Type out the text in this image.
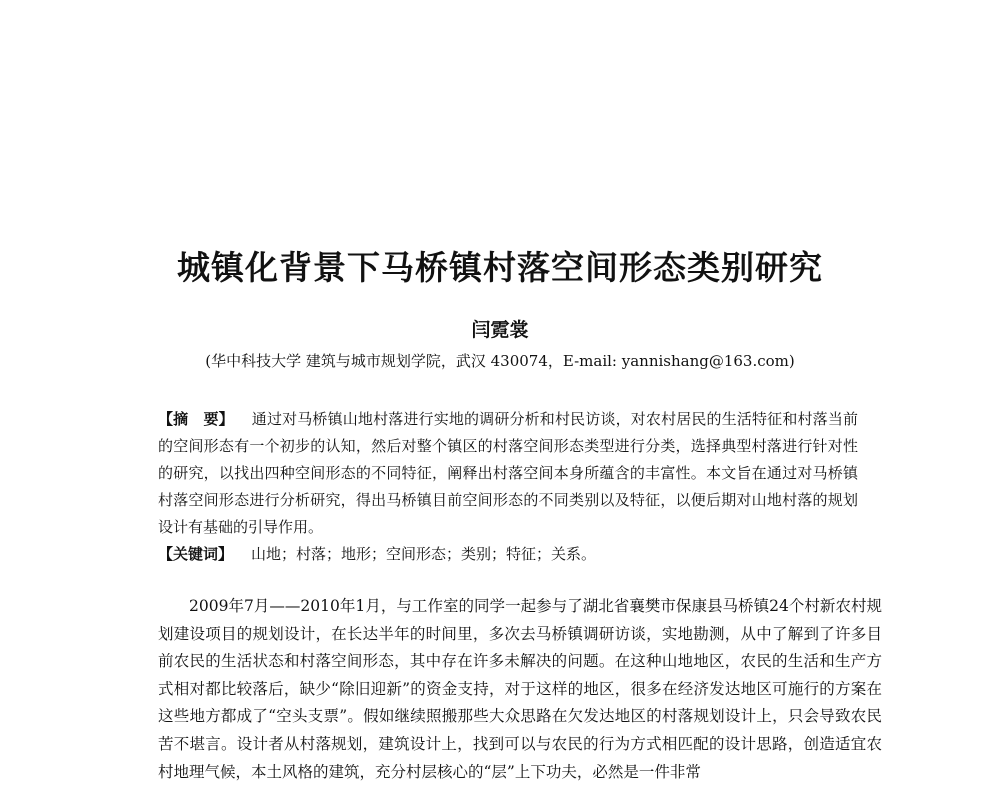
城镇化背景下马桥镇村落空间形态类别研究
闫霓裳
(华中科技大学 建筑与城市规划学院，武汉 430074，E-mail: yannishang@163.com)

【摘　要】 通过对马桥镇山地村落进行实地的调研分析和村民访谈，对农村居民的生活特征和村落当前的空间形态有一个初步的认知，然后对整个镇区的村落空间形态类型进行分类，选择典型村落进行针对性的研究，以找出四种空间形态的不同特征，阐释出村落空间本身所蕴含的丰富性。本文旨在通过对马桥镇村落空间形态进行分析研究，得出马桥镇目前空间形态的不同类别以及特征，以便后期对山地村落的规划设计有基础的引导作用。

【关键词】 山地；村落；地形；空间形态；类别；特征；关系。

2009年7月——2010年1月，与工作室的同学一起参与了湖北省襄樊市保康县马桥镇24个村新农村规划建设项目的规划设计，在长达半年的时间里，多次去马桥镇调研访谈，实地勘测，从中了解到了许多目前农民的生活状态和村落空间形态，其中存在许多未解决的问题。在这种山地地区，农民的生活和生产方式相对都比较落后，缺少“除旧迎新”的资金支持，对于这样的地区，很多在经济发达地区可施行的方案在这些地方都成了“空头支票”。假如继续照搬那些大众思路在欠发达地区的村落规划设计上，只会导致农民苦不堪言。设计者从村落规划，建筑设计上，找到可以与农民的行为方式相匹配的设计思路，创造适宜农村地理气候，本土风格的建筑，充分村层核心的“层”上下功夫，必然是一件非常
